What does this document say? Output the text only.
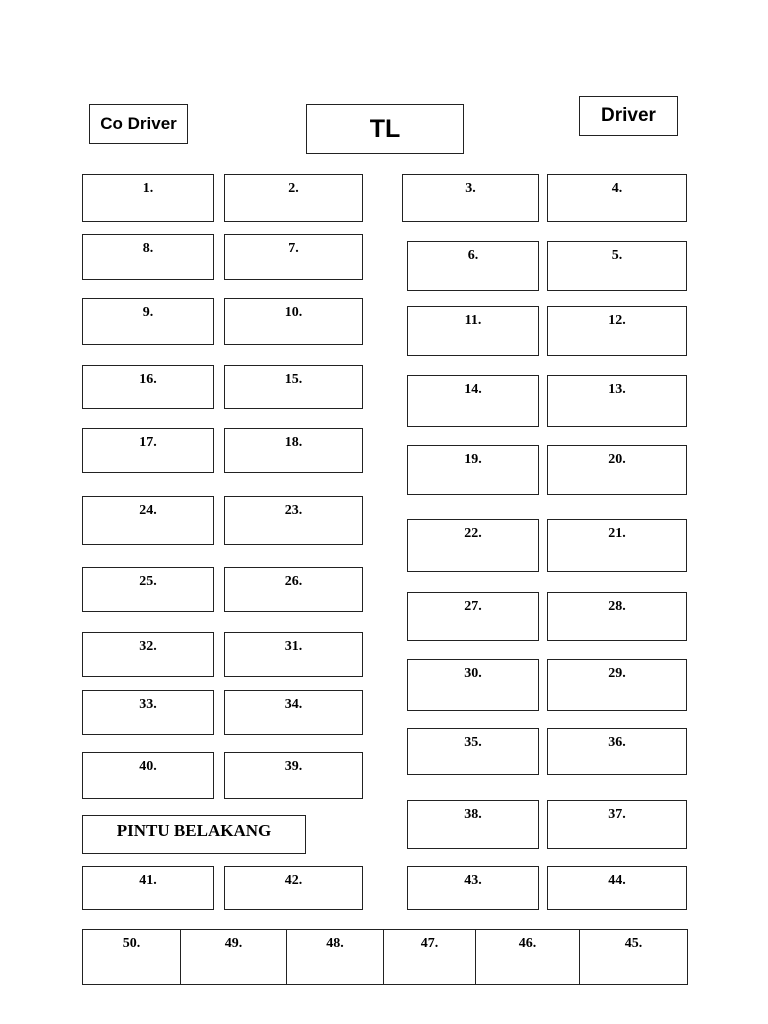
Co Driver	TL	Driver
1.	2.
8.	7.
9.	10.
16.	15.
17.	18.
24.	23.
25.	26.
32.	31.
33.	34.
40.	39.
PINTU BELAKANG
41.	42.
3.	4.
6.	5.
11.	12.
14.	13.
19.	20.
22.	21.
27.	28.
30.	29.
35.	36.
38.	37.
43.	44.
50.	49.	48.	47.	46.	45.
